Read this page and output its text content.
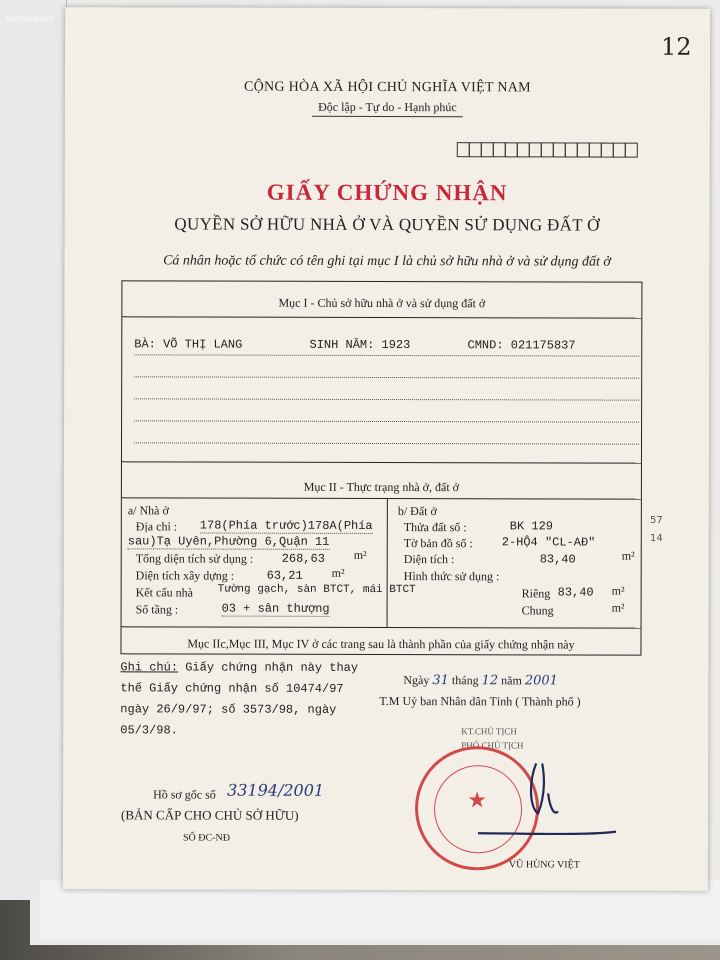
batdongsan
12
CỘNG HÒA XÃ HỘI CHỦ NGHĨA VIỆT NAM
Độc lập - Tự do - Hạnh phúc
GIẤY CHỨNG NHẬN
QUYỀN SỞ HỮU NHÀ Ở VÀ QUYỀN SỬ DỤNG ĐẤT Ở
Cá nhân hoặc tổ chức có tên ghi tại mục I là chủ sở hữu nhà ở và sử dụng đất ở
Mục I - Chủ sở hữu nhà ở và sử dụng đất ở
BÀ: VÕ THỊ LANG	SINH NĂM: 1923	CMND: 021175837
Mục II - Thực trạng nhà ở, đất ở
a/ Nhà ở
Địa chỉ : 178(Phía trước)178A(Phía
sau)Tạ Uyên,Phường 6,Quận 11
Tổng diện tích sử dụng : 268,63 m²
Diện tích xây dựng :	63,21 m²
Kết cấu nhà Tường gạch, sàn BTCT, mái BTCT
Số tầng :	03 + sân thượng
b/ Đất ở
Thửa đất số :	BK 129
Tờ bản đồ số : 2-HỘ4 "CL-AĐ"
Diện tích :	83,40	m²
Hình thức sử dụng :
Riêng 83,40 m²
Chung	m²
Mục IIc,Mục III, Mục IV ở các trang sau là thành phần của giấy chứng nhận này
Ghi chú: Giấy chứng nhận này thay
thế Giấy chứng nhận số 10474/97
ngày 26/9/97; số 3573/98, ngày
05/3/98.
Ngày 31 tháng 12 năm 2001
T.M Uỷ ban Nhân dân Tỉnh ( Thành phố )
KT.CHỦ TỊCH
PHÓ CHỦ TỊCH
★
VŨ HÙNG VIỆT
Hồ sơ gốc số 33194/2001
(BẢN CẤP CHO CHỦ SỞ HỮU)
SỐ ĐC-NĐ
57
14
